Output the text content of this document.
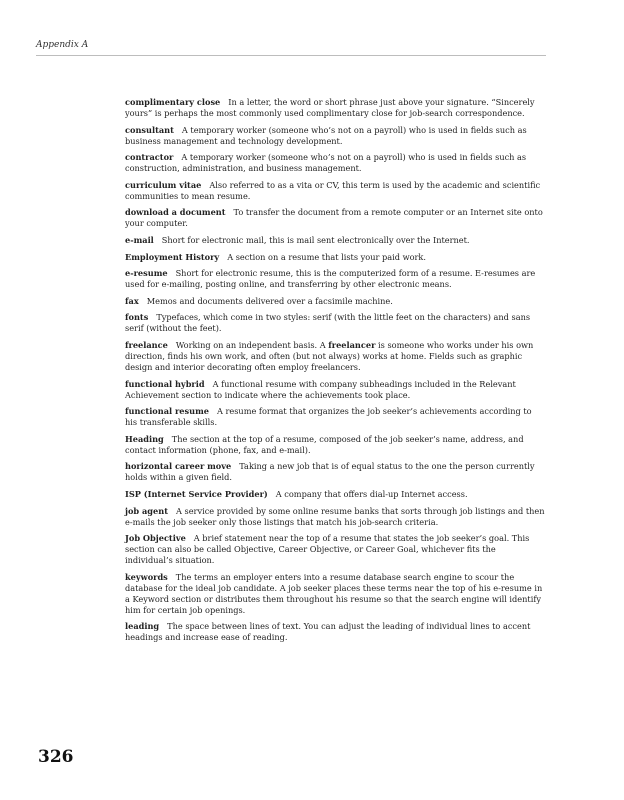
Appendix A

complimentary close In a letter, the word or short phrase just above your signature. “Sincerely yours” is perhaps the most commonly used complimentary close for job-search correspondence.

consultant A temporary worker (someone who’s not on a payroll) who is used in fields such as business management and technology development.

contractor A temporary worker (someone who’s not on a payroll) who is used in fields such as construction, administration, and business management.

curriculum vitae Also referred to as a vita or CV, this term is used by the academic and scientific communities to mean resume.

download a document To transfer the document from a remote computer or an Internet site onto your computer.

e-mail Short for electronic mail, this is mail sent electronically over the Internet.

Employment History A section on a resume that lists your paid work.

e-resume Short for electronic resume, this is the computerized form of a resume. E-resumes are used for e-mailing, posting online, and transferring by other electronic means.

fax Memos and documents delivered over a facsimile machine.

fonts Typefaces, which come in two styles: serif (with the little feet on the characters) and sans serif (without the feet).

freelance Working on an independent basis. A freelancer is someone who works under his own direction, finds his own work, and often (but not always) works at home. Fields such as graphic design and interior decorating often employ freelancers.

functional hybrid A functional resume with company subheadings included in the Relevant Achievement section to indicate where the achievements took place.

functional resume A resume format that organizes the job seeker’s achievements according to his transferable skills.

Heading The section at the top of a resume, composed of the job seeker’s name, address, and contact information (phone, fax, and e-mail).

horizontal career move Taking a new job that is of equal status to the one the person currently holds within a given field.

ISP (Internet Service Provider) A company that offers dial-up Internet access.

job agent A service provided by some online resume banks that sorts through job listings and then e-mails the job seeker only those listings that match his job-search criteria.

Job Objective A brief statement near the top of a resume that states the job seeker’s goal. This section can also be called Objective, Career Objective, or Career Goal, whichever fits the individual’s situation.

keywords The terms an employer enters into a resume database search engine to scour the database for the ideal job candidate. A job seeker places these terms near the top of his e-resume in a Keyword section or distributes them throughout his resume so that the search engine will identify him for certain job openings.

leading The space between lines of text. You can adjust the leading of individual lines to accent headings and increase ease of reading.

326
